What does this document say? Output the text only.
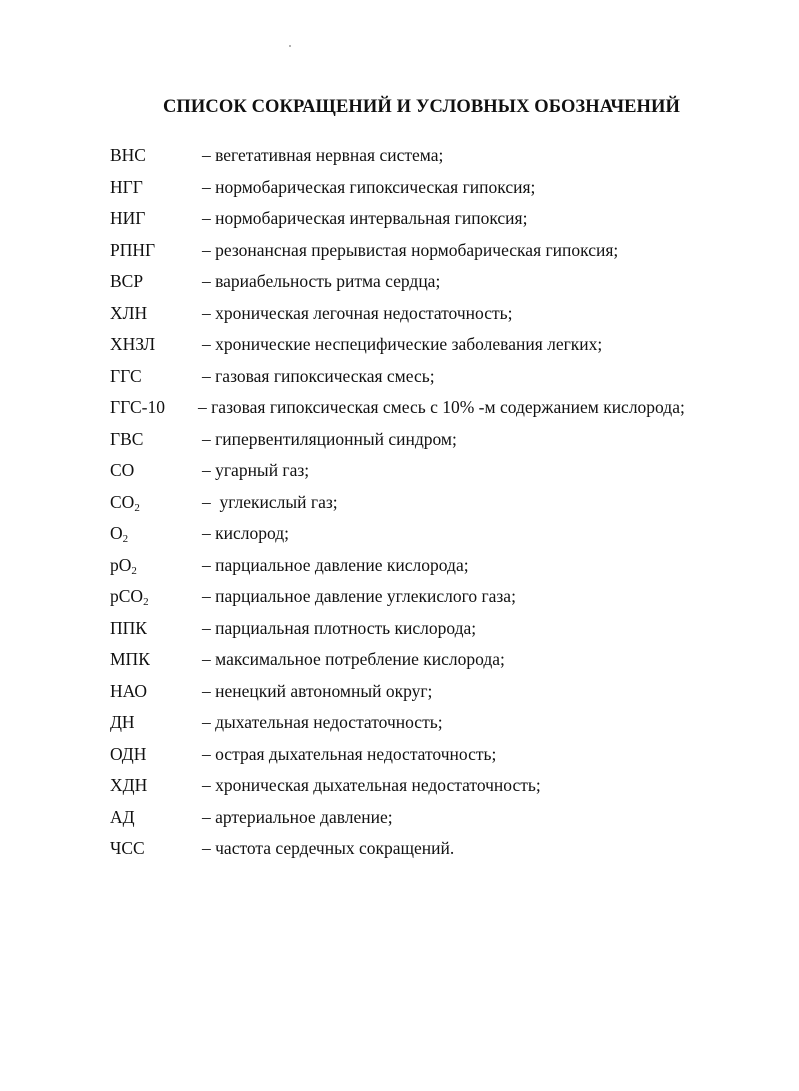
СПИСОК СОКРАЩЕНИЙ И УСЛОВНЫХ ОБОЗНАЧЕНИЙ
ВНС	– вегетативная нервная система;
НГГ	– нормобарическая гипоксическая гипоксия;
НИГ	– нормобарическая интервальная гипоксия;
РПНГ	– резонансная прерывистая нормобарическая гипоксия;
ВСР	– вариабельность ритма сердца;
ХЛН	– хроническая легочная недостаточность;
ХНЗЛ	– хронические неспецифические заболевания легких;
ГГС	– газовая гипоксическая смесь;
ГГС-10 – газовая гипоксическая смесь с 10% -м содержанием кислорода;
ГВС	– гипервентиляционный синдром;
СО	– угарный газ;
$СО_2$	–  углекислый газ;
$О_2$	– кислород;
$рО_2$	– парциальное давление кислорода;
рСО$_2$	– парциальное давление углекислого газа;
ППК	– парциальная плотность кислорода;
МПК	– максимальное потребление кислорода;
НАО	– ненецкий автономный округ;
ДН	– дыхательная недостаточность;
ОДН	– острая дыхательная недостаточность;
ХДН	– хроническая дыхательная недостаточность;
АД	– артериальное давление;
ЧСС	– частота сердечных сокращений.
